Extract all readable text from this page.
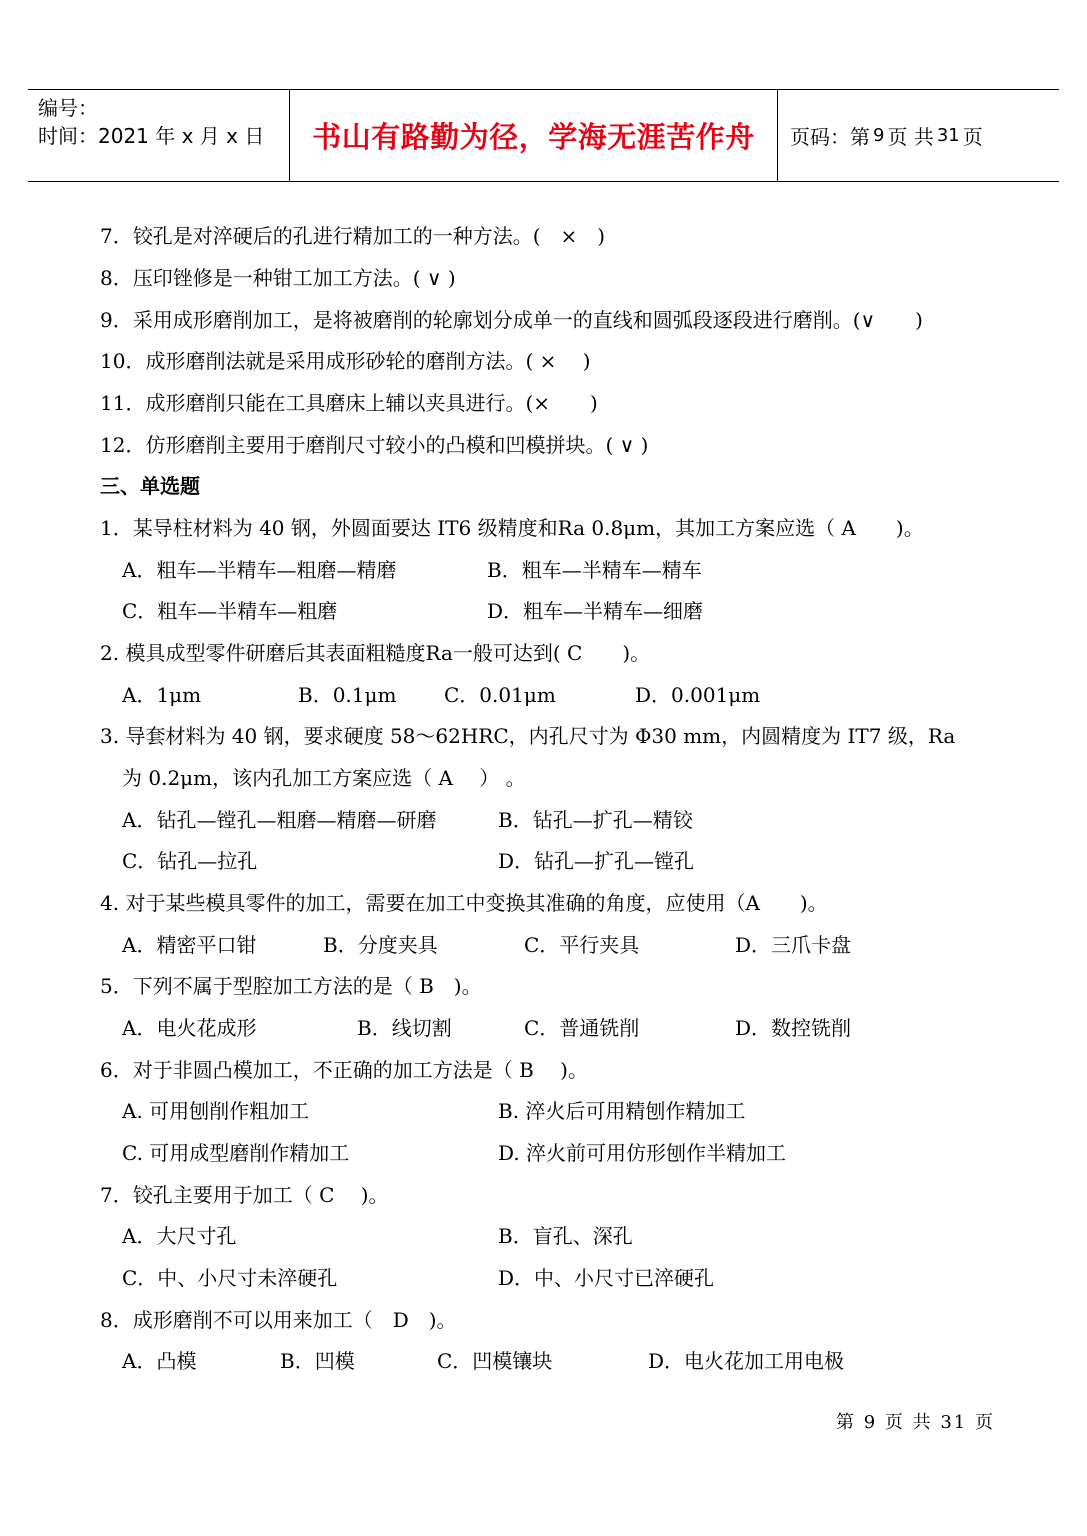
编号：
时间：2021 年 x 月 x 日	书山有路勤为径，学海无涯苦作舟 页码：第 9 页 共 31 页
7．铰孔是对淬硬后的孔进行精加工的一种方法。(　×　)
8．压印锉修是一种钳工加工方法。( ∨ )
9．采用成形磨削加工，是将被磨削的轮廓划分成单一的直线和圆弧段逐段进行磨削。(∨　　)
10．成形磨削法就是采用成形砂轮的磨削方法。( ×　 )
11．成形磨削只能在工具磨床上辅以夹具进行。(×　　)
12．仿形磨削主要用于磨削尺寸较小的凸模和凹模拼块。( ∨ )
三、单选题
1．某导柱材料为 40 钢，外圆面要达 IT6 级精度和Ra 0.8μm，其加工方案应选（ A　　)。
A．粗车—半精车—粗磨—精磨	B．粗车—半精车—精车
C．粗车—半精车—粗磨	D．粗车—半精车—细磨
2. 模具成型零件研磨后其表面粗糙度Ra一般可达到( C　　)。
A．1μm	B．0.1μm C．0.01μm	D．0.001μm
3. 导套材料为 40 钢，要求硬度 58～62HRC，内孔尺寸为 Φ30 mm，内圆精度为 IT7 级，Ra
为 0.2μm，该内孔加工方案应选（ A　 ） 。
A．钻孔—镗孔—粗磨—精磨—研磨	B．钻孔—扩孔—精铰
C．钻孔—拉孔	D．钻孔—扩孔—镗孔
4. 对于某些模具零件的加工，需要在加工中变换其准确的角度，应使用（A　　)。
A．精密平口钳	B．分度夹具	C．平行夹具	D．三爪卡盘
5．下列不属于型腔加工方法的是（ B　)。
A．电火花成形	B．线切割	C．普通铣削	D．数控铣削
6．对于非圆凸模加工，不正确的加工方法是（ B　 )。
A. 可用刨削作粗加工	B. 淬火后可用精刨作精加工
C. 可用成型磨削作精加工	D. 淬火前可用仿形刨作半精加工
7．铰孔主要用于加工（ C　 )。
A．大尺寸孔	B．盲孔、深孔
C．中、小尺寸未淬硬孔	D．中、小尺寸已淬硬孔
8．成形磨削不可以用来加工（　D　)。
A．凸模	B．凹模	C．凹模镶块	D．电火花加工用电极
第 9 页 共 31 页
